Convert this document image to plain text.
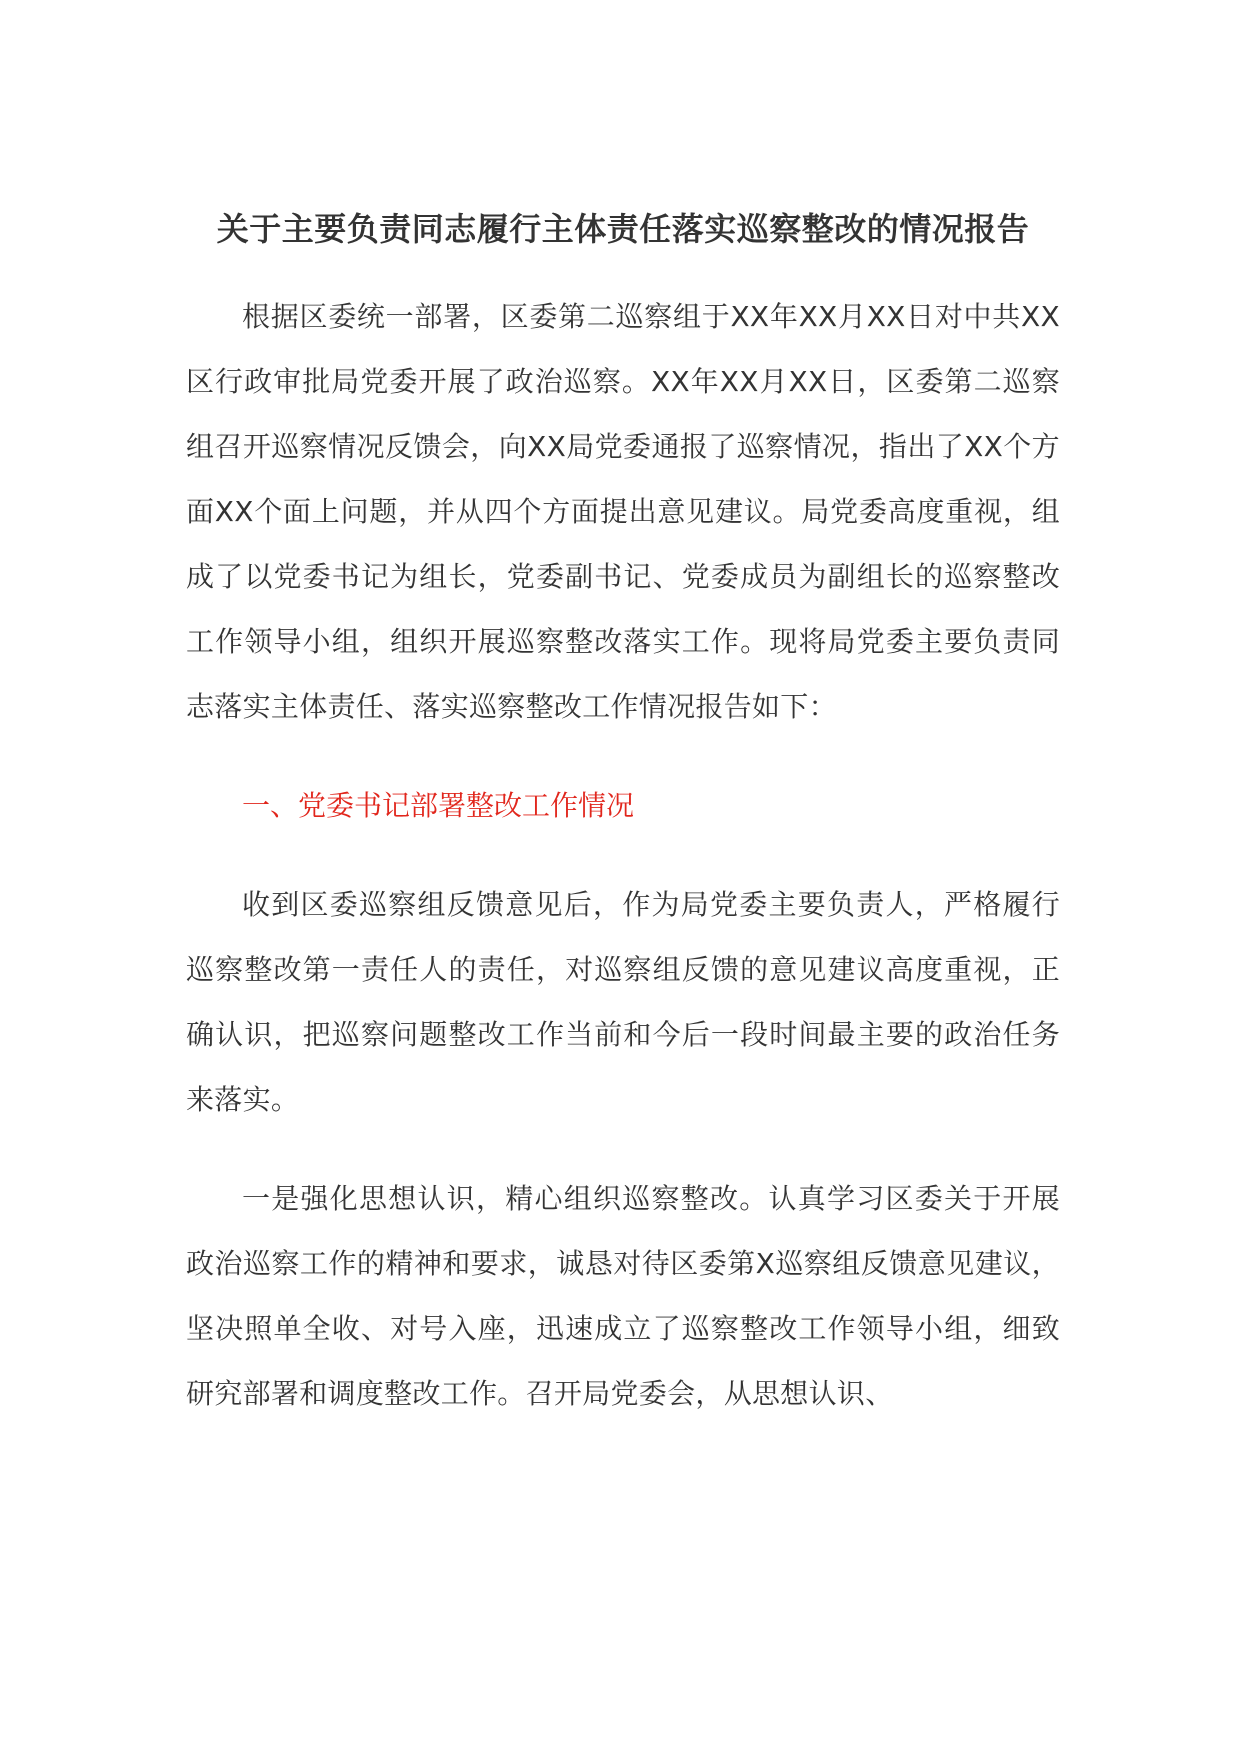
关于主要负责同志履行主体责任落实巡察整改的情况报告

根据区委统一部署，区委第二巡察组于XX年XX月XX日对中共XX区行政审批局党委开展了政治巡察。XX年XX月XX日，区委第二巡察组召开巡察情况反馈会，向XX局党委通报了巡察情况，指出了XX个方面XX个面上问题，并从四个方面提出意见建议。局党委高度重视，组成了以党委书记为组长，党委副书记、党委成员为副组长的巡察整改工作领导小组，组织开展巡察整改落实工作。现将局党委主要负责同志落实主体责任、落实巡察整改工作情况报告如下：

一、党委书记部署整改工作情况

收到区委巡察组反馈意见后，作为局党委主要负责人，严格履行巡察整改第一责任人的责任，对巡察组反馈的意见建议高度重视，正确认识，把巡察问题整改工作当前和今后一段时间最主要的政治任务来落实。

一是强化思想认识，精心组织巡察整改。认真学习区委关于开展政治巡察工作的精神和要求，诚恳对待区委第X巡察组反馈意见建议，坚决照单全收、对号入座，迅速成立了巡察整改工作领导小组，细致研究部署和调度整改工作。召开局党委会，从思想认识、
